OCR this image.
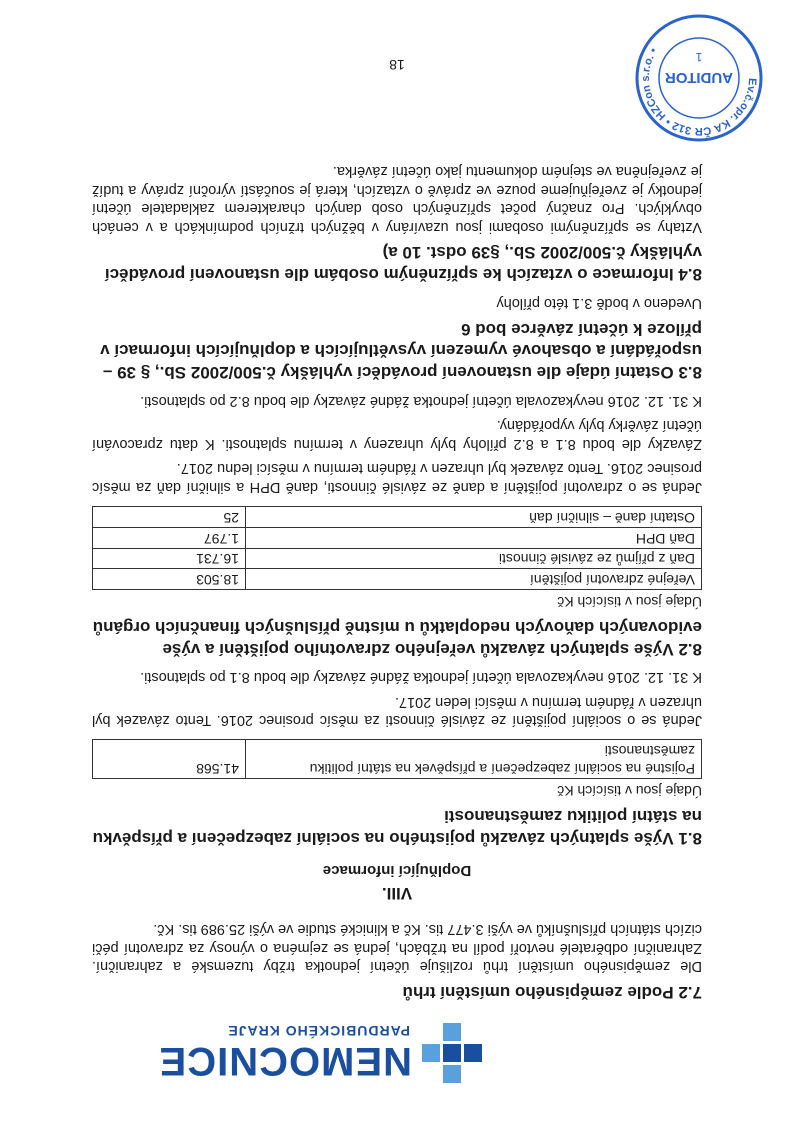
NEMOCNICE
PARDUBICKÉHO KRAJE
7.2 Podle zeměpisného umístění trhů

Dle zeměpisného umístění trhů rozlišuje účetní jednotka tržby tuzemské a zahraniční. Zahraniční odběratelé nevtoří podíl na tržbách, jedná se zejména o výnosy za zdravotní péči cizích státních příslušníků ve výši 3.477 tis. Kč a klinické studie ve výši 25.989 tis. Kč.

VIII.
Doplňující informace
8.1 Výše splatných závazků pojistného na sociální zabezpečení a příspěvku na státní politiku zaměstnanosti
Údaje jsou v tisících Kč
Pojistné na sociální zabezpečení a příspěvek na státní politiku zaměstnanosti	41.568

Jedná se o sociální pojištění ze závislé činnosti za měsíc prosinec 2016. Tento závazek byl uhrazen v řádném termínu v měsíci leden 2017.

K 31. 12. 2016 nevykazovala účetní jednotka žádné závazky dle bodu 8.1 po splatnosti.

8.2 Výše splatných závazků veřejného zdravotního pojištění a výše evidovaných daňových nedoplatků u místně příslušných finančních orgánů
Údaje jsou v tisících Kč
Veřejné zdravotní pojištění	18.503
Daň z příjmů ze závislé činnosti	16.731
Daň DPH	1.797
Ostatní daně – silniční daň	25

Jedná se o zdravotní pojištění a daně ze závislé činnosti, daně DPH a silniční daň za měsíc prosinec 2016. Tento závazek byl uhrazen v řádném termínu v měsíci lednu 2017.

Závazky dle bodu 8.1 a 8.2 přílohy byly uhrazeny v termínu splatnosti. K datu zpracování účetní závěrky byly vypořádány.

K 31. 12. 2016 nevykazovala účetní jednotka žádné závazky dle bodu 8.2 po splatnosti.

8.3 Ostatní údaje dle ustanovení prováděcí vyhlášky č.500/2002 Sb., § 39 – uspořádání a obsahové vymezení vysvětlujících a doplňujících informací v příloze k účetní závěrce bod 6

Uvedeno v bodě 3.1 této přílohy

8.4 Informace o vztazích ke spřízněným osobám dle ustanovení prováděcí vyhlášky č.500/2002 Sb., §39 odst. 10 a)

Vztahy se spřízněnými osobami jsou uzavírány v běžných tržních podmínkách a v cenách obvyklých. Pro značný počet spřízněných osob daných charakterem zakladatele účetní jednotky je zveřejňujeme pouze ve zprávě o vztazích, která je součástí výroční zprávy a tudíž je zveřejněna ve stejném dokumentu jako účetní závěrka.

Ev.č.opr. KA ČR 312 • HZCon s.r.o. •
AUDITOR
1
18
